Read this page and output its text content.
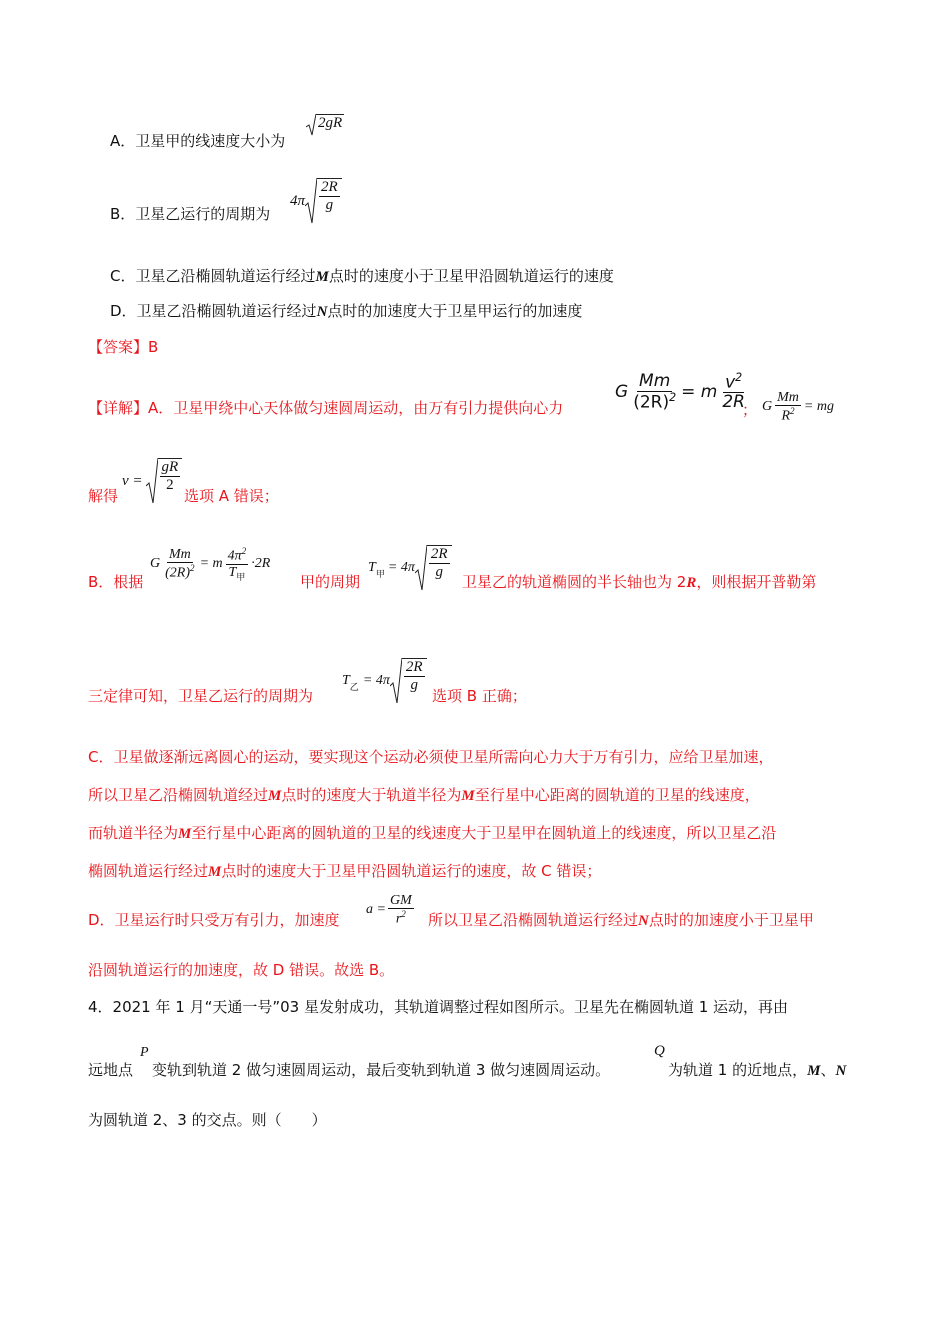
A．卫星甲的线速度大小为
2gR
B．卫星乙运行的周期为
$4\pi \frac{2R}{g}$
C．卫星乙沿椭圆轨道运行经过M点时的速度小于卫星甲沿圆轨道运行的速度
D．卫星乙沿椭圆轨道运行经过N点时的加速度大于卫星甲运行的加速度
【答案】B
【详解】A．卫星甲绕中心天体做匀速圆周运动，由万有引力提供向心力
G $\frac{Mm}{(2R)^2} = m \frac{v^2}{2R}$
； G $\frac{Mm}{R^2}$ = mg
解得
$v = \frac{gR}{2}$
选项 A 错误；
B．根据
G $\frac{Mm}{(2R)^2} = m \frac{4\pi^2}{T_甲} \cdot 2R$
甲的周期
$T_甲 = 4\pi \frac{2R}{g}$
卫星乙的轨道椭圆的半长轴也为 2R，则根据开普勒第
三定律可知，卫星乙运行的周期为
$T_乙 = 4\pi \frac{2R}{g}$
选项 B 正确；
C．卫星做逐渐远离圆心的运动，要实现这个运动必须使卫星所需向心力大于万有引力，应给卫星加速，
所以卫星乙沿椭圆轨道经过M点时的速度大于轨道半径为M至行星中心距离的圆轨道的卫星的线速度，
而轨道半径为M至行星中心距离的圆轨道的卫星的线速度大于卫星甲在圆轨道上的线速度，所以卫星乙沿
椭圆轨道运行经过M点时的速度大于卫星甲沿圆轨道运行的速度，故 C 错误；
D．卫星运行时只受万有引力，加速度
$a = \frac{GM}{r^2}$ 所以卫星乙沿椭圆轨道运行经过N点时的加速度小于卫星甲
沿圆轨道运行的加速度，故 D 错误。故选 B。
4．2021 年 1 月“天通一号”03 星发射成功，其轨道调整过程如图所示。卫星先在椭圆轨道 1 运动，再由
远地点
P
变轨到轨道 2 做匀速圆周运动，最后变轨到轨道 3 做匀速圆周运动。
Q
为轨道 1 的近地点，M、N
为圆轨道 2、3 的交点。则（　　）
